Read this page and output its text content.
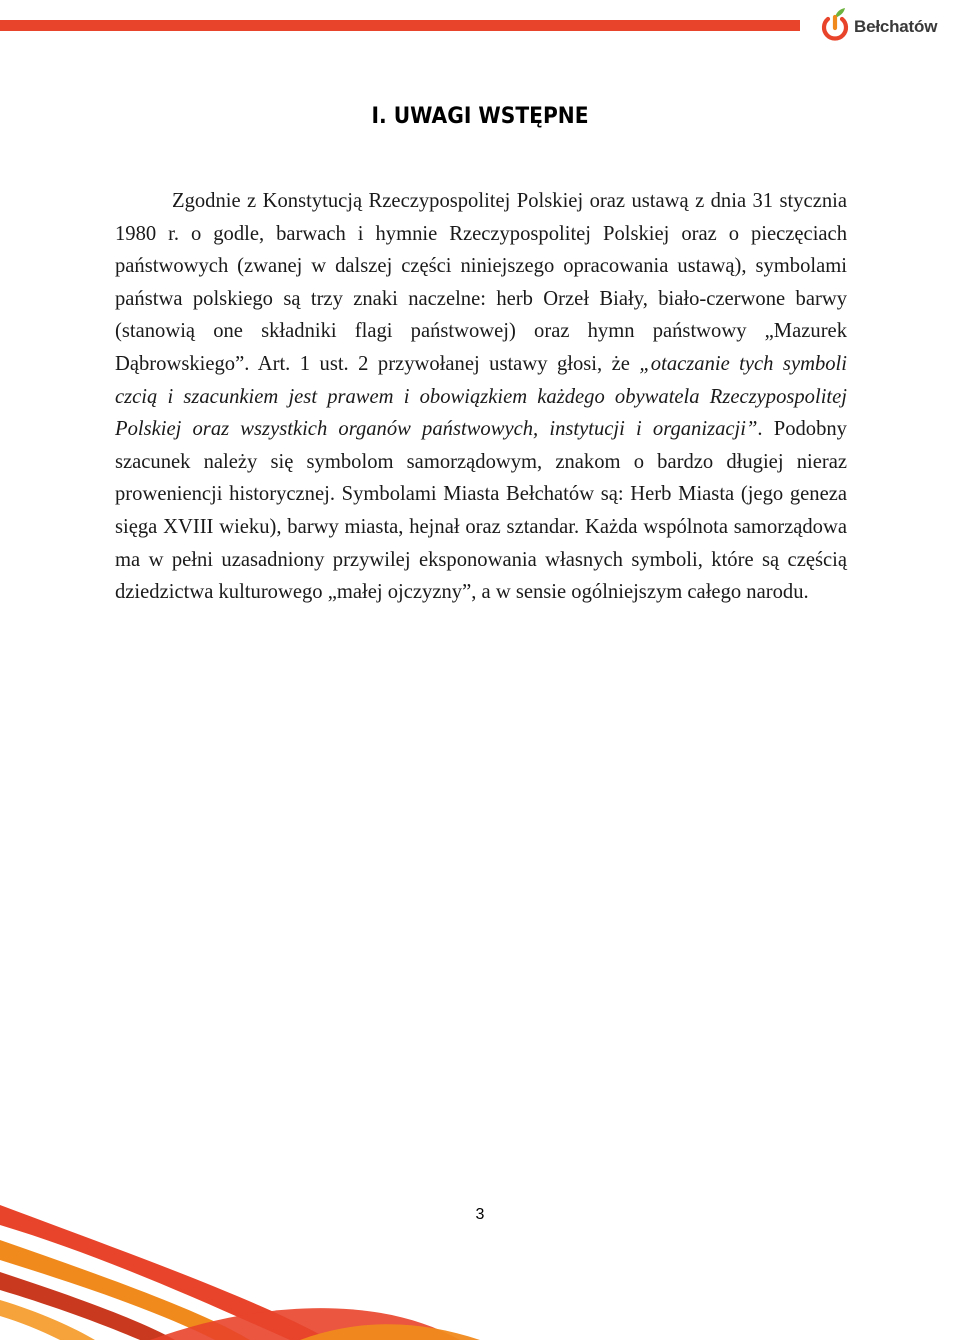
Bełchatów
I. UWAGI WSTĘPNE

Zgodnie z Konstytucją Rzeczypospolitej Polskiej oraz ustawą z dnia 31 stycznia 1980 r. o godle, barwach i hymnie Rzeczypospolitej Polskiej oraz o pieczęciach państwowych (zwanej w dalszej części niniejszego opracowania ustawą), symbolami państwa polskiego są trzy znaki naczelne: herb Orzeł Biały, biało-czerwone barwy (stanowią one składniki flagi państwowej) oraz hymn państwowy „Mazurek Dąbrowskiego”. Art. 1 ust. 2 przywołanej ustawy głosi, że „otaczanie tych symboli czcią i szacunkiem jest prawem i obowiązkiem każdego obywatela Rzeczypospolitej Polskiej oraz wszystkich organów państwowych, instytucji i organizacji”. Podobny szacunek należy się symbolom samorządowym, znakom o bardzo długiej nieraz proweniencji historycznej. Symbolami Miasta Bełchatów są: Herb Miasta (jego geneza sięga XVIII wieku), barwy miasta, hejnał oraz sztandar. Każda wspólnota samorządowa ma w pełni uzasadniony przywilej eksponowania własnych symboli, które są częścią dziedzictwa kulturowego „małej ojczyzny”, a w sensie ogólniejszym całego narodu.

3
